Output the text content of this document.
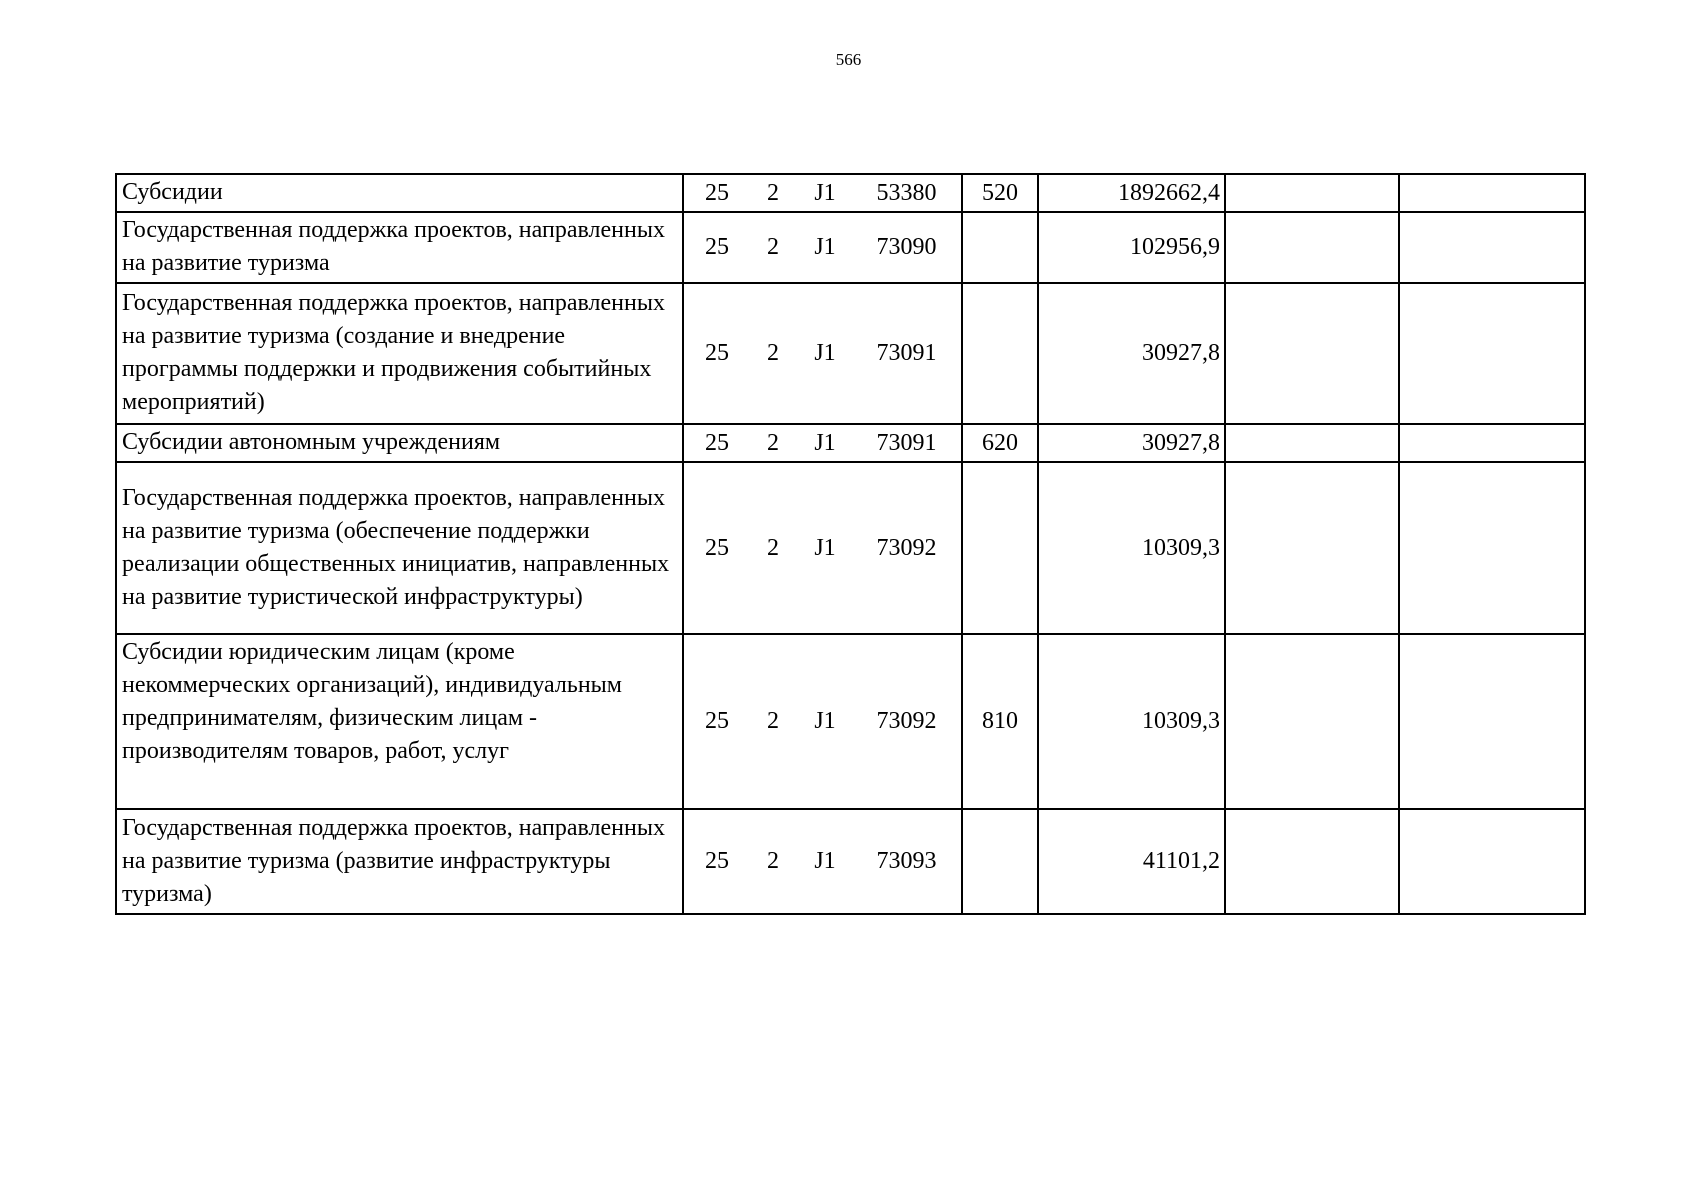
566
Субсидии	25 2 J1 53380	520	1892662,4		
Государственная поддержка проектов, направленных на развитие туризма	25 2 J1 73090		102956,9		
Государственная поддержка проектов, направленных на развитие туризма (создание и внедрение программы поддержки и продвижения событийных мероприятий)	25 2 J1 73091		30927,8		
Субсидии автономным учреждениям	25 2 J1 73091	620	30927,8		
Государственная поддержка проектов, направленных на развитие туризма (обеспечение поддержки реализации общественных инициатив, направленных на развитие туристической инфраструктуры)	25 2 J1 73092		10309,3		
Субсидии юридическим лицам (кроме некоммерческих организаций), индивидуальным предпринимателям, физическим лицам - производителям товаров, работ, услуг	25 2 J1 73092	810	10309,3		
Государственная поддержка проектов, направленных на развитие туризма (развитие инфраструктуры туризма)	25 2 J1 73093		41101,2		
